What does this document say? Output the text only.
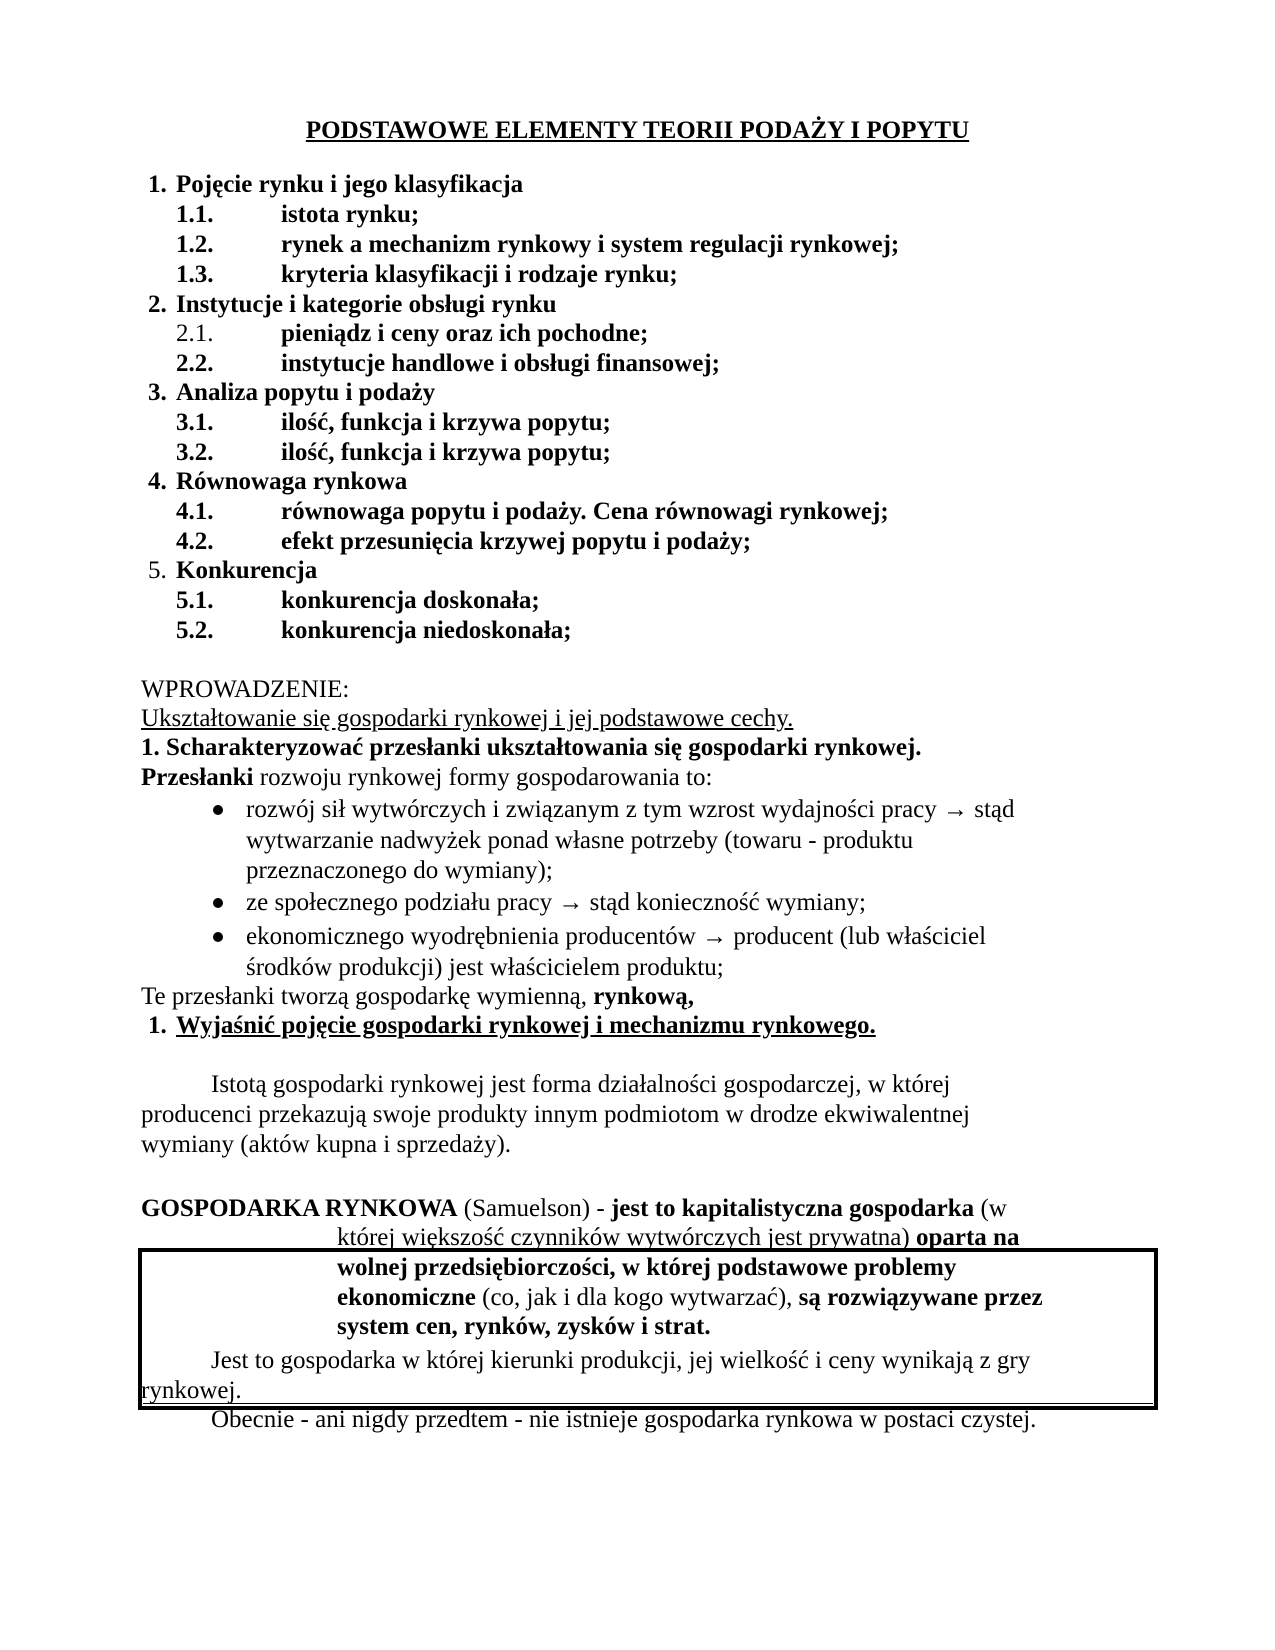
PODSTAWOWE ELEMENTY TEORII PODAŻY I POPYTU
1. Pojęcie rynku i jego klasyfikacja
1.1.	istota rynku;
1.2.	rynek a mechanizm rynkowy i system regulacji rynkowej;
1.3.	kryteria klasyfikacji i rodzaje rynku;
2. Instytucje i kategorie obsługi rynku
2.1.	pieniądz i ceny oraz ich pochodne;
2.2.	instytucje handlowe i obsługi finansowej;
3. Analiza popytu i podaży
3.1.	ilość, funkcja i krzywa popytu;
3.2.	ilość, funkcja i krzywa popytu;
4. Równowaga rynkowa
4.1.	równowaga popytu i podaży. Cena równowagi rynkowej;
4.2.	efekt przesunięcia krzywej popytu i podaży;
5. Konkurencja
5.1.	konkurencja doskonała;
5.2.	konkurencja niedoskonała;
WPROWADZENIE:
Ukształtowanie się gospodarki rynkowej i jej podstawowe cechy.
1. Scharakteryzować przesłanki ukształtowania się gospodarki rynkowej.
Przesłanki rozwoju rynkowej formy gospodarowania to:
rozwój sił wytwórczych i związanym z tym wzrost wydajności pracy → stąd
wytwarzanie nadwyżek ponad własne potrzeby (towaru - produktu
przeznaczonego do wymiany);
ze społecznego podziału pracy → stąd konieczność wymiany;
ekonomicznego wyodrębnienia producentów → producent (lub właściciel
środków produkcji) jest właścicielem produktu;
Te przesłanki tworzą gospodarkę wymienną, rynkową,
1. Wyjaśnić pojęcie gospodarki rynkowej i mechanizmu rynkowego.
Istotą gospodarki rynkowej jest forma działalności gospodarczej, w której
producenci przekazują swoje produkty innym podmiotom w drodze ekwiwalentnej
wymiany (aktów kupna i sprzedaży).
GOSPODARKA RYNKOWA (Samuelson) - jest to kapitalistyczna gospodarka (w
której większość czynników wytwórczych jest prywatna) oparta na
wolnej przedsiębiorczości, w której podstawowe problemy
ekonomiczne (co, jak i dla kogo wytwarzać), są rozwiązywane przez
system cen, rynków, zysków i strat.
Jest to gospodarka w której kierunki produkcji, jej wielkość i ceny wynikają z gry
rynkowej.
Obecnie - ani nigdy przedtem - nie istnieje gospodarka rynkowa w postaci czystej.
